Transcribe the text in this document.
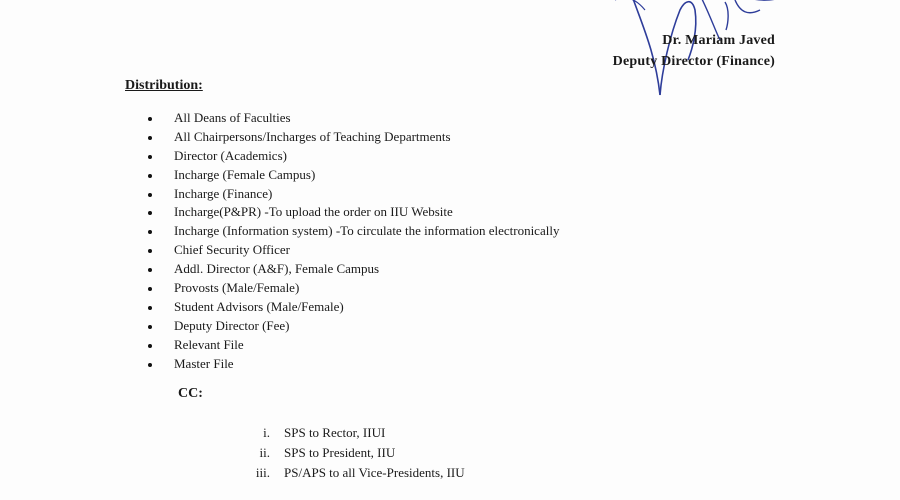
Dr. Mariam Javed
Deputy Director (Finance)
Distribution:
All Deans of Faculties
All Chairpersons/Incharges of Teaching Departments
Director (Academics)
Incharge (Female Campus)
Incharge (Finance)
Incharge(P&PR) -To upload the order on IIU Website
Incharge (Information system) -To circulate the information electronically
Chief Security Officer
Addl. Director (A&F), Female Campus
Provosts (Male/Female)
Student Advisors (Male/Female)
Deputy Director (Fee)
Relevant File
Master File
CC:
i. SPS to Rector, IIUI
ii. SPS to President, IIU
iii. PS/APS to all Vice-Presidents, IIU
